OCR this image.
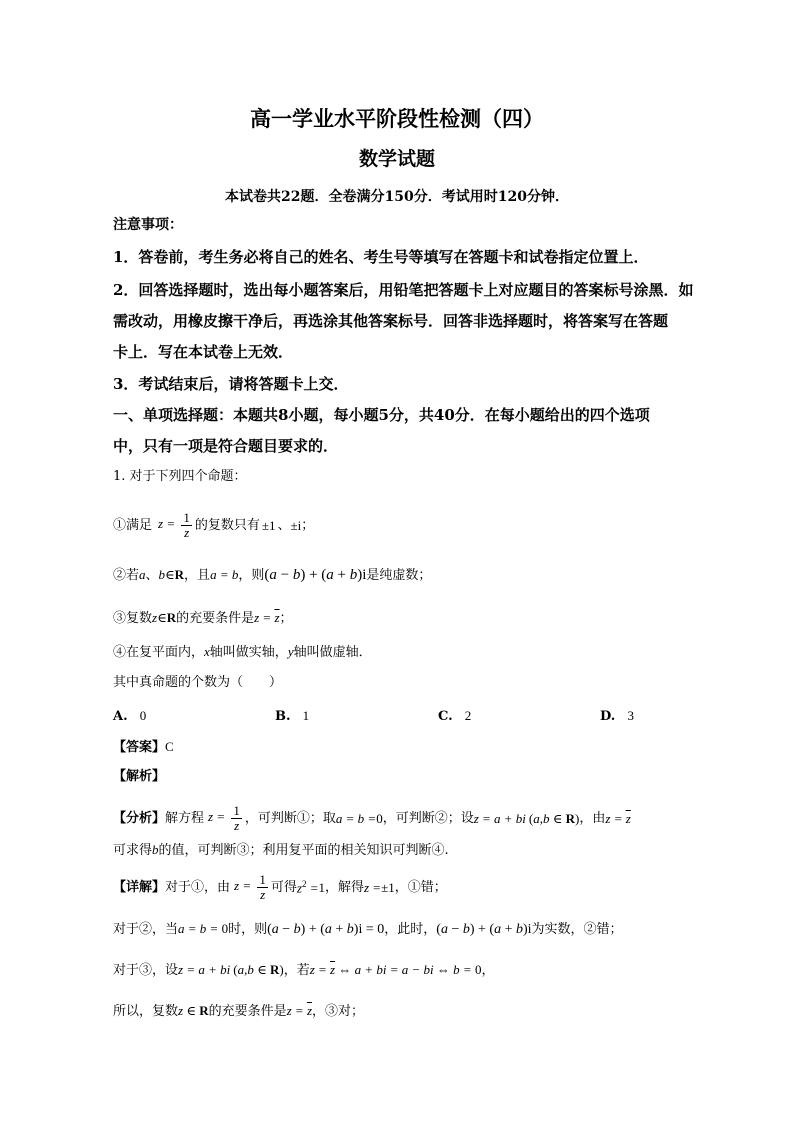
高一学业水平阶段性检测（四）
数学试题
本试卷共22题．全卷满分150分．考试用时120分钟．
注意事项：
1．答卷前，考生务必将自己的姓名、考生号等填写在答题卡和试卷指定位置上．
2．回答选择题时，选出每小题答案后，用铅笔把答题卡上对应题目的答案标号涂黑．如
需改动，用橡皮擦干净后，再选涂其他答案标号．回答非选择题时，将答案写在答题
卡上．写在本试卷上无效．
3．考试结束后，请将答题卡上交．
一、单项选择题：本题共8小题，每小题5分，共40分．在每小题给出的四个选项
中，只有一项是符合题目要求的．
1. 对于下列四个命题：
①满足 $z = \frac{1}{z}$ 的复数只有 ±1 、 ±i ；
②若a、b∈R，且a = b，则(a − b) + (a + b)i是纯虚数；
③复数z∈R的充要条件是$z = \overline{z}$；
④在复平面内，x轴叫做实轴，y轴叫做虚轴．
其中真命题的个数为（　　）
A. 0	B. 1	C. 2	D. 3
【答案】C
【解析】
【分析】 解方程 $z = \frac{1}{z}$ ，可判断①；取 a = b = 0 ，可判断②；设 z = a + bi (a,b ∈ R) ，由 $z = \overline{z}$
可求得b的值，可判断③；利用复平面的相关知识可判断④.
【详解】 对于①，由 $z = \frac{1}{z}$ 可得 $z^2 = 1$ ，解得 z = ±1 ，①错；
对于②，当a = b = 0时，则(a − b) + (a + b)i = 0，此时，(a − b) + (a + b)i为实数，②错；
对于③，设z = a + bi (a,b ∈ R)，若$z = \overline{z}$ ⇔ a + bi = a − bi ⇔ b = 0，
所以，复数z ∈ R的充要条件是$z = \overline{z}$，③对；
